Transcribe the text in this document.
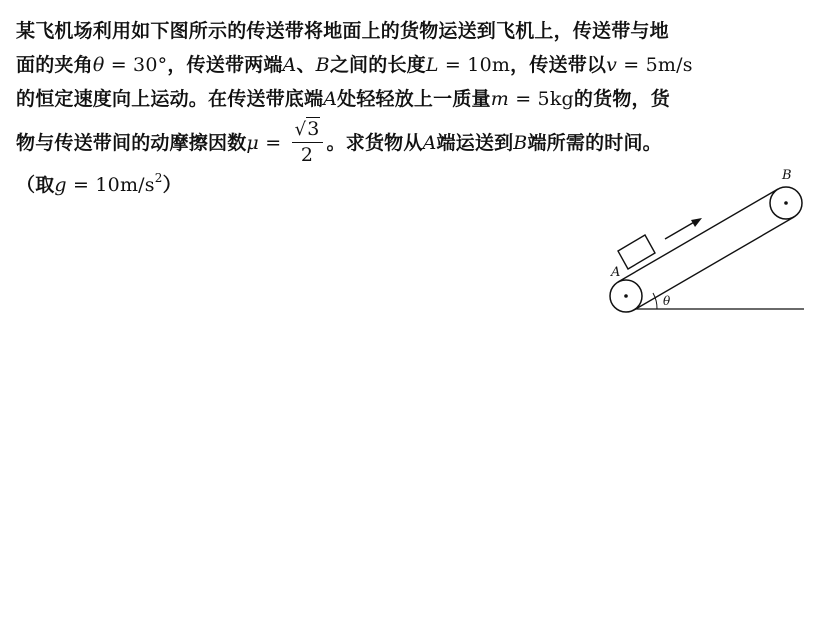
某飞机场利用如下图所示的传送带将地面上的货物运送到飞机上，传送带与地
面的夹角θ = 30°，传送带两端A、B之间的长度L = 10m，传送带以v = 5m/s
的恒定速度向上运动。在传送带底端A处轻轻放上一质量m = 5kg的货物，货
物与传送带间的动摩擦因数$\mu = \frac{√3}{2}$ 。求货物从A端运送到B端所需的时间。
（取$g = 10m/s^2$）
A
B
θ
